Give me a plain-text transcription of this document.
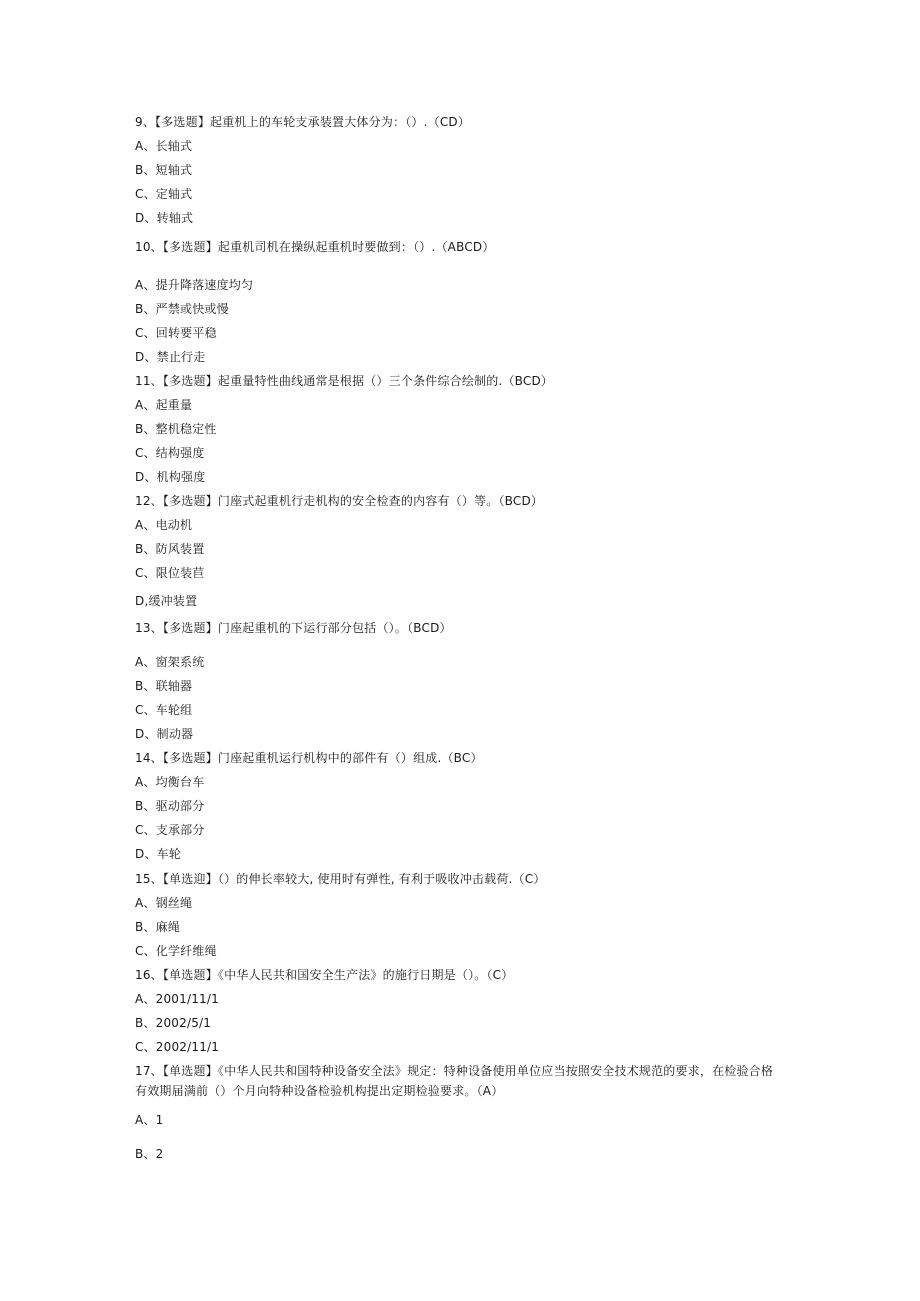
9、【多选题】起重机上的车轮支承装置大体分为：（）.（CD）
A、长轴式
B、短轴式
C、定轴式
D、转轴式
10、【多选题】起重机司机在操纵起重机时要做到：（）.（ABCD）
A、提升降落速度均匀
B、严禁或快或慢
C、回转要平稳
D、禁止行走
11、【多选题】起重量特性曲线通常是根据（）三个条件综合绘制的.（BCD）
A、起重量
B、整机稳定性
C、结构强度
D、机构强度
12、【多选题】门座式起重机行走机构的安全检查的内容有（）等。（BCD）
A、电动机
B、防风装置
C、限位装苣
D,缓冲装置
13、【多选题】门座起重机的下运行部分包括（）。（BCD）
A、窗架系统
B、联轴器
C、车轮组
D、制动器
14、【多选题】门座起重机运行机构中的部件有（）组成.（BC）
A、均衡台车
B、驱动部分
C、支承部分
D、车轮
15、【单选迎】（）的伸长率较大, 使用时有弹性, 有利于吸收冲击载荷.（C）
A、钢丝绳
B、麻绳
C、化学纤维绳
16、【单选题】《中华人民共和国安全生产法》的施行日期是（）。（C）
A、2001/11/1
B、2002/5/1
C、2002/11/1
17、【单选题】《中华人民共和国特种设备安全法》规定：特种设备使用单位应当按照安全技术规范的要求，在检验合格有效期届满前（）个月向特种设备检验机构提出定期检验要求。（A）
A、1
B、2
